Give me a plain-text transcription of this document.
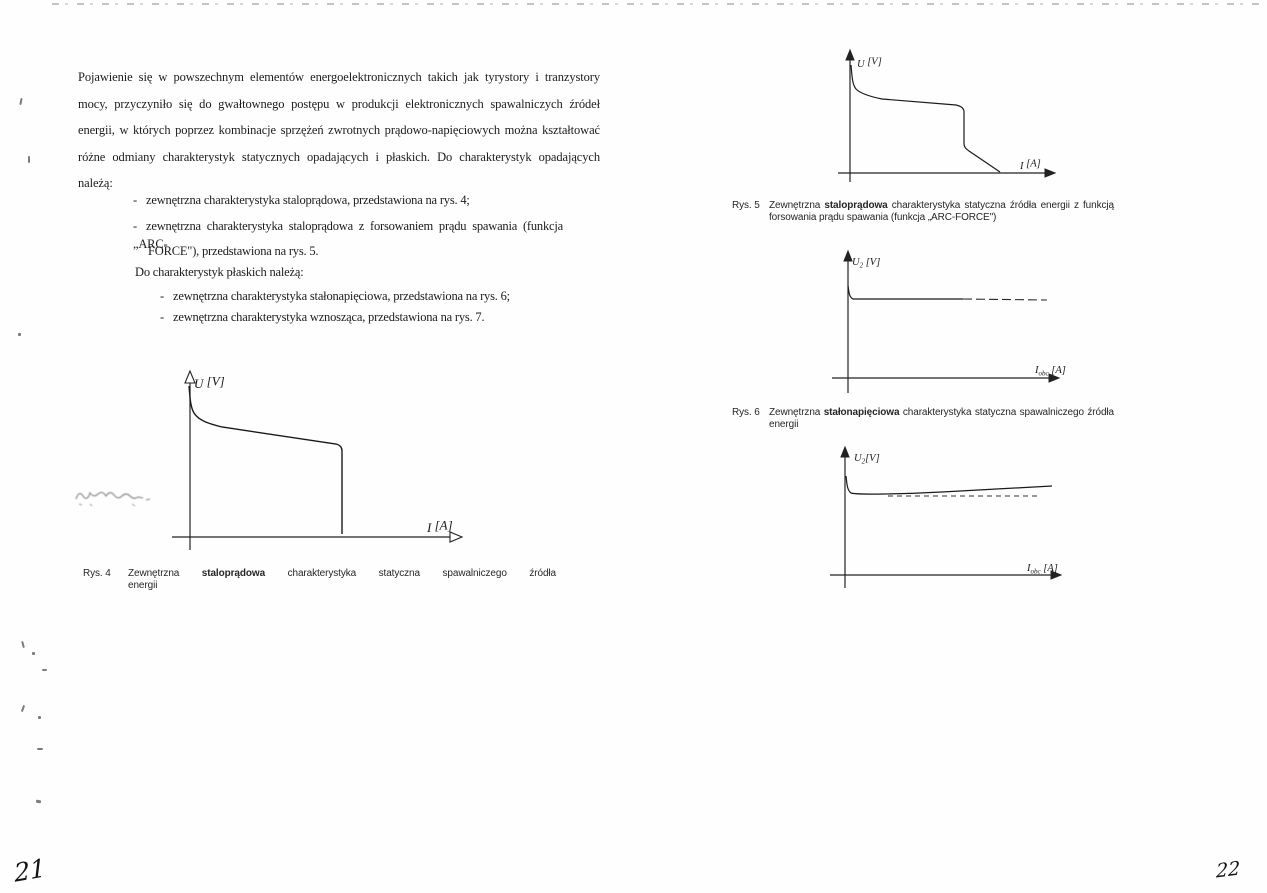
Pojawienie się w powszechnym elementów energoelektronicznych takich jak tyrystory i tranzystory
mocy, przyczyniło się do gwałtownego postępu w produkcji elektronicznych spawalniczych źródeł
energii, w których poprzez kombinacje sprzężeń zwrotnych prądowo-napięciowych można kształtować
różne odmiany charakterystyk statycznych opadających i płaskich. Do charakterystyk opadających
należą:
- zewnętrzna charakterystyka staloprądowa, przedstawiona na rys. 4;
- zewnętrzna charakterystyka staloprądowa z forsowaniem prądu spawania (funkcja „ARC-
FORCE"), przedstawiona na rys. 5.
Do charakterystyk płaskich należą:
- zewnętrzna charakterystyka stałonapięciowa, przedstawiona na rys. 6;
- zewnętrzna charakterystyka wznosząca, przedstawiona na rys. 7.
U [V]
I [A]
Rys. 4	Zewnętrzna staloprądowa charakterystyka statyczna spawalniczego źródła
energii
21
U [V]
I [A]
Rys. 5 Zewnętrzna staloprądowa charakterystyka statyczna źródła energii z funkcją
forsowania prądu spawania (funkcja „ARC-FORCE")
$U_2$ [V]
$I_{obc}$ [A]
Rys. 6 Zewnętrzna stałonapięciowa charakterystyka statyczna spawalniczego źródła
energii
$U_2[V]$
$I_{obc}$ [A]
22
